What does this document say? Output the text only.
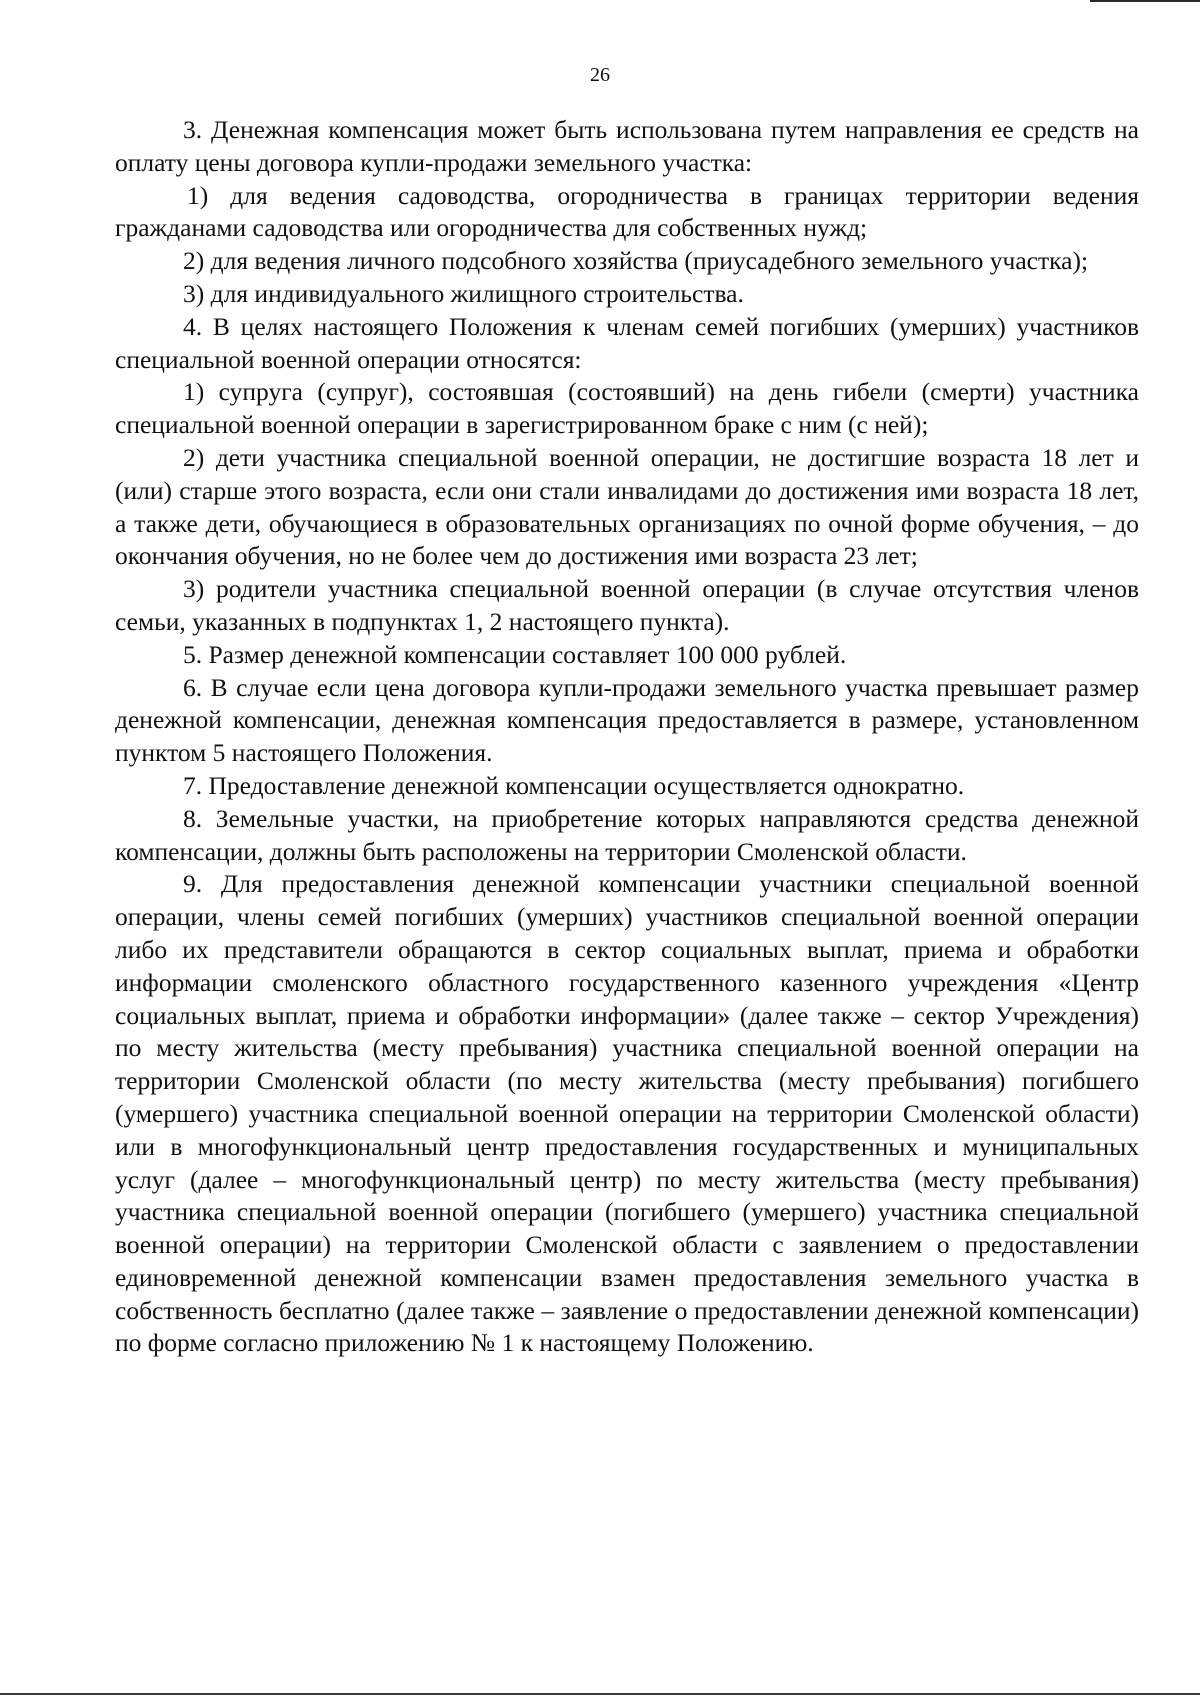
26

3. Денежная компенсация может быть использована путем направления ее средств на оплату цены договора купли-продажи земельного участка:

1) для ведения садоводства, огородничества в границах территории ведения гражданами садоводства или огородничества для собственных нужд;

2) для ведения личного подсобного хозяйства (приусадебного земельного участка);

3) для индивидуального жилищного строительства.

4. В целях настоящего Положения к членам семей погибших (умерших) участников специальной военной операции относятся:

1) супруга (супруг), состоявшая (состоявший) на день гибели (смерти) участника специальной военной операции в зарегистрированном браке с ним (с ней);

2) дети участника специальной военной операции, не достигшие возраста 18 лет и (или) старше этого возраста, если они стали инвалидами до достижения ими возраста 18 лет, а также дети, обучающиеся в образовательных организациях по очной форме обучения, – до окончания обучения, но не более чем до достижения ими возраста 23 лет;

3) родители участника специальной военной операции (в случае отсутствия членов семьи, указанных в подпунктах 1, 2 настоящего пункта).

5. Размер денежной компенсации составляет 100 000 рублей.

6. В случае если цена договора купли-продажи земельного участка превышает размер денежной компенсации, денежная компенсация предоставляется в размере, установленном пунктом 5 настоящего Положения.

7. Предоставление денежной компенсации осуществляется однократно.

8. Земельные участки, на приобретение которых направляются средства денежной компенсации, должны быть расположены на территории Смоленской области.

9. Для предоставления денежной компенсации участники специальной военной операции, члены семей погибших (умерших) участников специальной военной операции либо их представители обращаются в сектор социальных выплат, приема и обработки информации смоленского областного государственного казенного учреждения «Центр социальных выплат, приема и обработки информации» (далее также – сектор Учреждения) по месту жительства (месту пребывания) участника специальной военной операции на территории Смоленской области (по месту жительства (месту пребывания) погибшего (умершего) участника специальной военной операции на территории Смоленской области) или в многофункциональный центр предоставления государственных и муниципальных услуг (далее – многофункциональный центр) по месту жительства (месту пребывания) участника специальной военной операции (погибшего (умершего) участника специальной военной операции) на территории Смоленской области с заявлением о предоставлении единовременной денежной компенсации взамен предоставления земельного участка в собственность бесплатно (далее также – заявление о предоставлении денежной компенсации) по форме согласно приложению № 1 к настоящему Положению.
